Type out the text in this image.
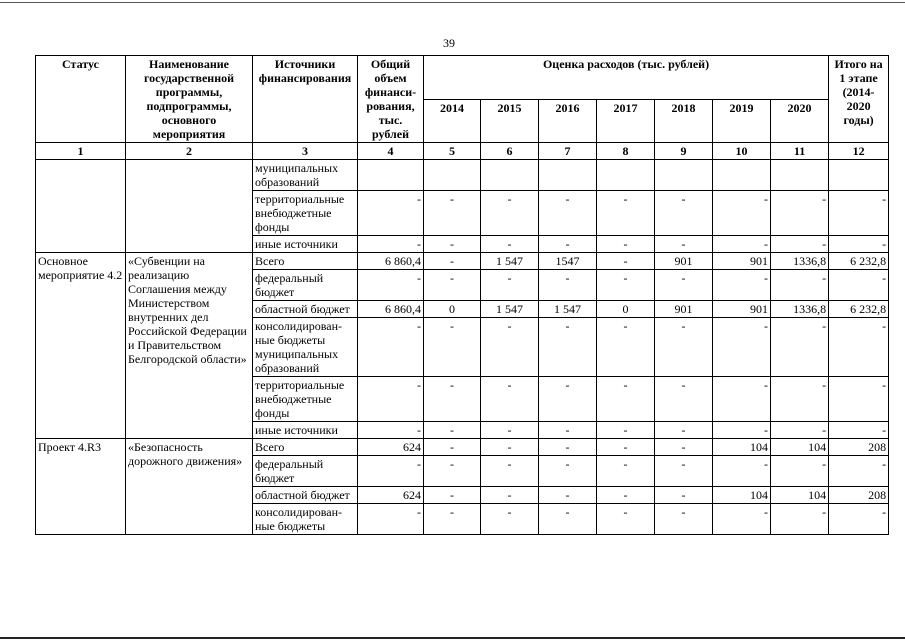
39
Статус	Наименование государственной программы, подпрограммы, основного мероприятия	Источники финансирования	Общий объем финанси-рования, тыс. рублей	Оценка расходов (тыс. рублей)							Итого на 1 этапе (2014-2020 годы)
				2014	2015	2016	2017	2018	2019	2020	
1	2	3	4	5	6	7	8	9	10	11	12
		муниципальных образований									
		территориальные внебюджетные фонды	-	-	-	-	-	-	-	-	-
		иные источники	-	-	-	-	-	-	-	-	-
Основное мероприятие 4.2	«Субвенции на реализацию Соглашения между Министерством внутренних дел Российской Федерации и Правительством Белгородской области»	Всего	6 860,4	-	1 547	1547	-	901	901	1336,8	6 232,8
		федеральный бюджет	-	-	-	-	-	-	-	-	-
		областной бюджет	6 860,4	0	1 547	1 547	0	901	901	1336,8	6 232,8
		консолидирован-ные бюджеты муниципальных образований	-	-	-	-	-	-	-	-	-
		территориальные внебюджетные фонды	-	-	-	-	-	-	-	-	-
		иные источники	-	-	-	-	-	-	-	-	-
Проект 4.R3	«Безопасность дорожного движения»	Всего	624	-	-	-	-	-	104	104	208
		федеральный бюджет	-	-	-	-	-	-	-	-	-
		областной бюджет	624	-	-	-	-	-	104	104	208
		консолидирован-ные бюджеты	-	-	-	-	-	-	-	-	-
